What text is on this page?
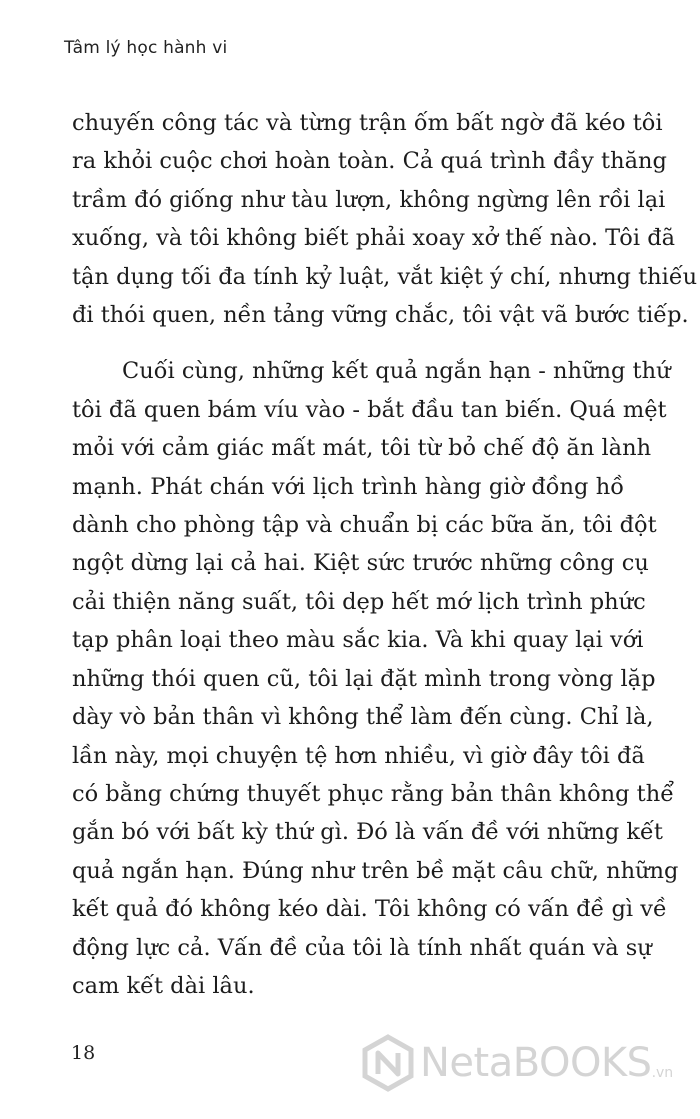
Tâm lý học hành vi

chuyến công tác và từng trận ốm bất ngờ đã kéo tôi
ra khỏi cuộc chơi hoàn toàn. Cả quá trình đầy thăng
trầm đó giống như tàu lượn, không ngừng lên rồi lại
xuống, và tôi không biết phải xoay xở thế nào. Tôi đã
tận dụng tối đa tính kỷ luật, vắt kiệt ý chí, nhưng thiếu
đi thói quen, nền tảng vững chắc, tôi vật vã bước tiếp.

Cuối cùng, những kết quả ngắn hạn - những thứ
tôi đã quen bám víu vào - bắt đầu tan biến. Quá mệt
mỏi với cảm giác mất mát, tôi từ bỏ chế độ ăn lành
mạnh. Phát chán với lịch trình hàng giờ đồng hồ
dành cho phòng tập và chuẩn bị các bữa ăn, tôi đột
ngột dừng lại cả hai. Kiệt sức trước những công cụ
cải thiện năng suất, tôi dẹp hết mớ lịch trình phức
tạp phân loại theo màu sắc kia. Và khi quay lại với
những thói quen cũ, tôi lại đặt mình trong vòng lặp
dày vò bản thân vì không thể làm đến cùng. Chỉ là,
lần này, mọi chuyện tệ hơn nhiều, vì giờ đây tôi đã
có bằng chứng thuyết phục rằng bản thân không thể
gắn bó với bất kỳ thứ gì. Đó là vấn đề với những kết
quả ngắn hạn. Đúng như trên bề mặt câu chữ, những
kết quả đó không kéo dài. Tôi không có vấn đề gì về
động lực cả. Vấn đề của tôi là tính nhất quán và sự
cam kết dài lâu.

18	NetaBOOKS .vn
